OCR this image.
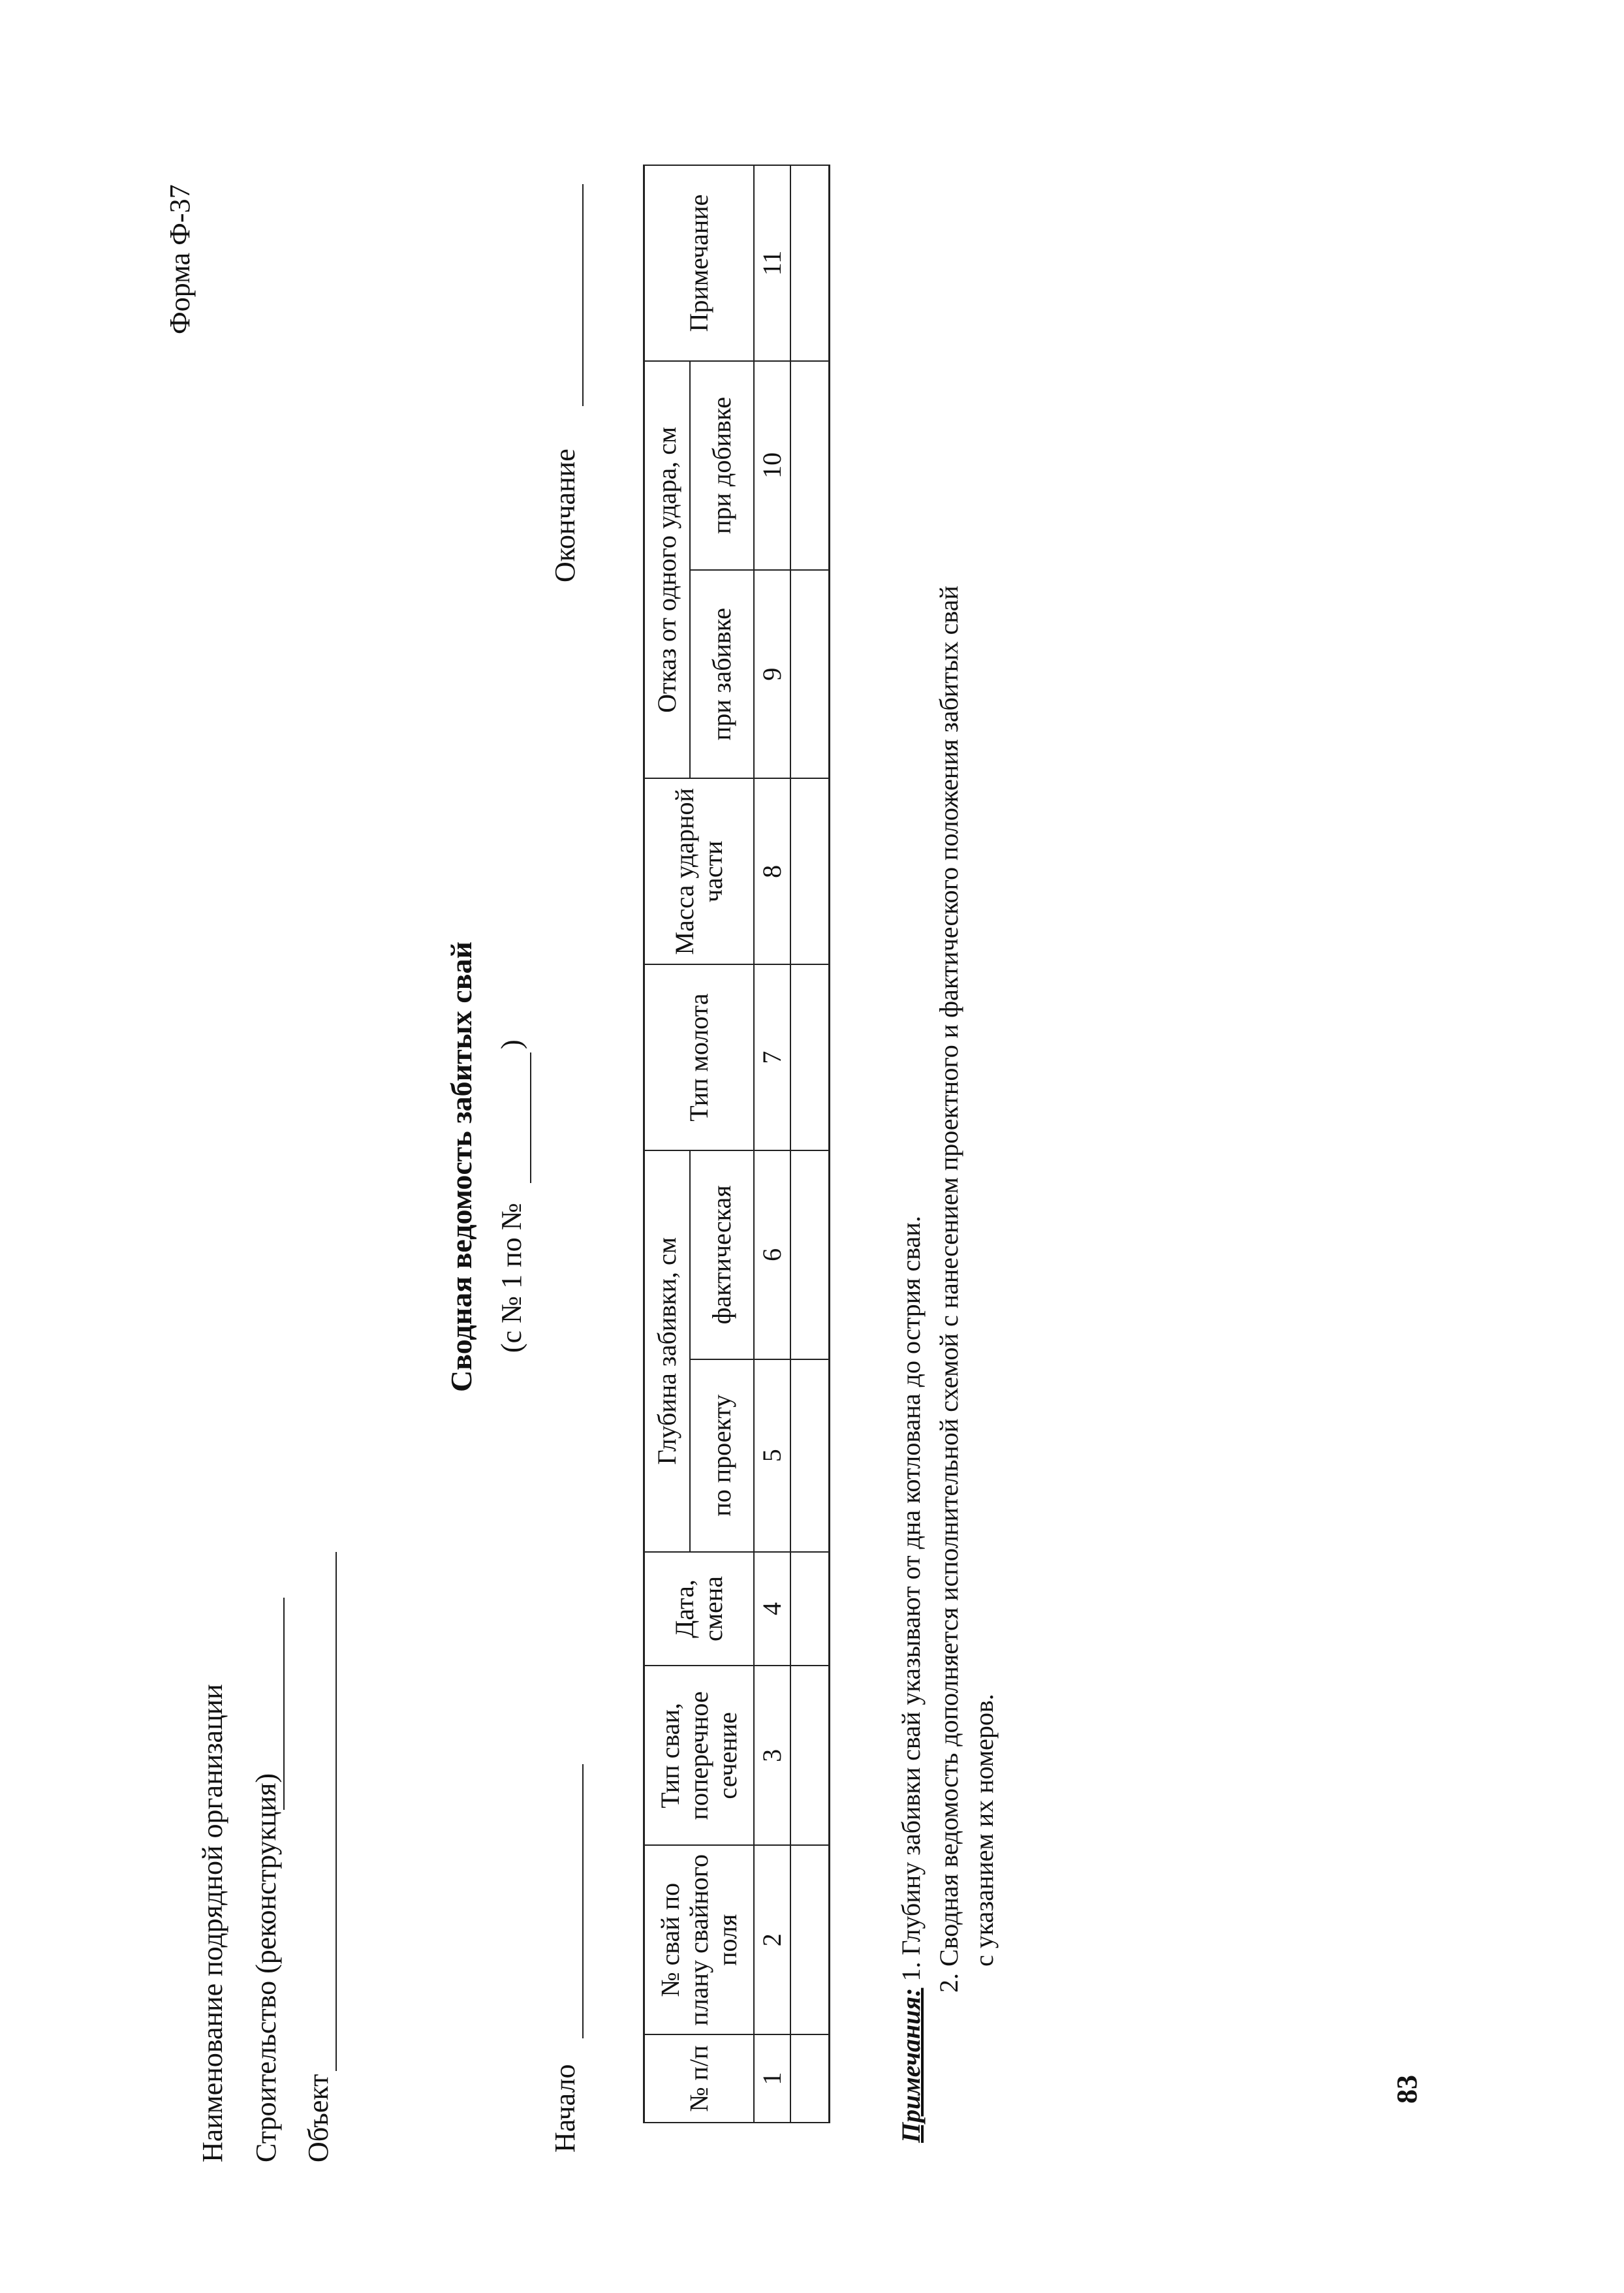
Форма Ф-37
Наименование подрядной организации Строительство (реконструкция) Объект
Сводная ведомость забитых свай (с № 1 по №
)
Начало
Окончание
№ п/п	№ свай по плану свайного поля	Тип сваи, поперечное сечение	Дата, смена	Глубина забивки, см		Тип молота	Масса ударной части	Отказ от одного удара, см		Примечание
				по проекту	фактическая			при забивке	при добивке	
1	2	3	4	5	6	7	8	9	10	11

Примечания: 1. Глубину забивки свай указывают от дна котлована до острия сваи. 2. Сводная ведомость дополняется исполнительной схемой с нанесением проектного и фактического положения забитых свай с указанием их номеров.
83
